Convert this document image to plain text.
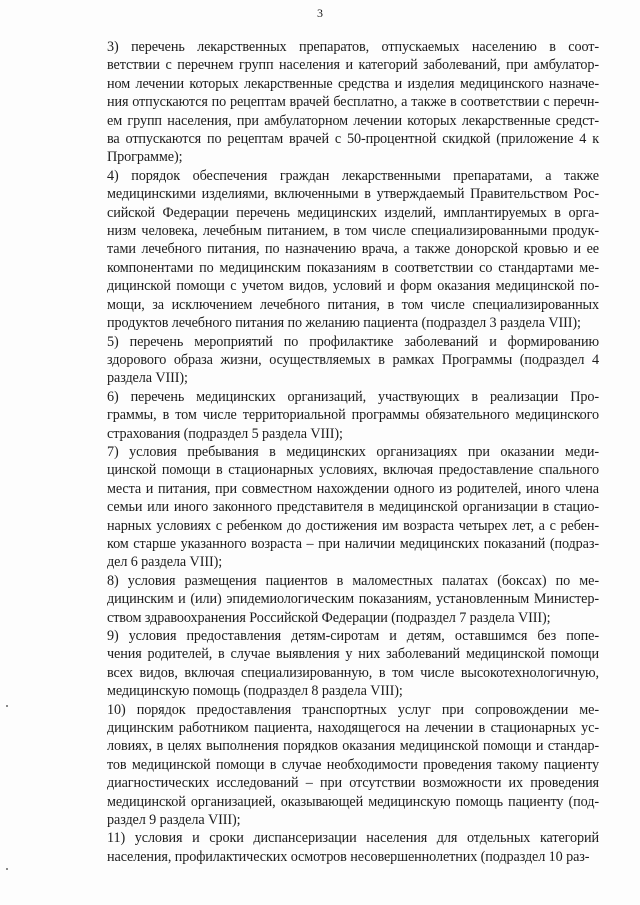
3

3) перечень лекарственных препаратов, отпускаемых населению в соот-
ветствии с перечнем групп населения и категорий заболеваний, при амбулатор-
ном лечении которых лекарственные средства и изделия медицинского назначе-
ния отпускаются по рецептам врачей бесплатно, а также в соответствии с перечн-
ем групп населения, при амбулаторном лечении которых лекарственные средст-
ва отпускаются по рецептам врачей с 50-процентной скидкой (приложение 4 к
Программе);

4) порядок обеспечения граждан лекарственными препаратами, а также
медицинскими изделиями, включенными в утверждаемый Правительством Рос-
сийской Федерации перечень медицинских изделий, имплантируемых в орга-
низм человека, лечебным питанием, в том числе специализированными продук-
тами лечебного питания, по назначению врача, а также донорской кровью и ее
компонентами по медицинским показаниям в соответствии со стандартами ме-
дицинской помощи с учетом видов, условий и форм оказания медицинской по-
мощи, за исключением лечебного питания, в том числе специализированных
продуктов лечебного питания по желанию пациента (подраздел 3 раздела VIII);

5) перечень мероприятий по профилактике заболеваний и формированию
здорового образа жизни, осуществляемых в рамках Программы (подраздел 4
раздела VIII);

6) перечень медицинских организаций, участвующих в реализации Про-
граммы, в том числе территориальной программы обязательного медицинского
страхования (подраздел 5 раздела VIII);

7) условия пребывания в медицинских организациях при оказании меди-
цинской помощи в стационарных условиях, включая предоставление спального
места и питания, при совместном нахождении одного из родителей, иного члена
семьи или иного законного представителя в медицинской организации в стацио-
нарных условиях с ребенком до достижения им возраста четырех лет, а с ребен-
ком старше указанного возраста – при наличии медицинских показаний (подраз-
дел 6 раздела VIII);

8) условия размещения пациентов в маломестных палатах (боксах) по ме-
дицинским и (или) эпидемиологическим показаниям, установленным Министер-
ством здравоохранения Российской Федерации (подраздел 7 раздела VIII);

9) условия предоставления детям-сиротам и детям, оставшимся без попе-
чения родителей, в случае выявления у них заболеваний медицинской помощи
всех видов, включая специализированную, в том числе высокотехнологичную,
медицинскую помощь (подраздел 8 раздела VIII);

10) порядок предоставления транспортных услуг при сопровождении ме-
дицинским работником пациента, находящегося на лечении в стационарных ус-
ловиях, в целях выполнения порядков оказания медицинской помощи и стандар-
тов медицинской помощи в случае необходимости проведения такому пациенту
диагностических исследований – при отсутствии возможности их проведения
медицинской организацией, оказывающей медицинскую помощь пациенту (под-
раздел 9 раздела VIII);

11) условия и сроки диспансеризации населения для отдельных категорий
населения, профилактических осмотров несовершеннолетних (подраздел 10 раз-
